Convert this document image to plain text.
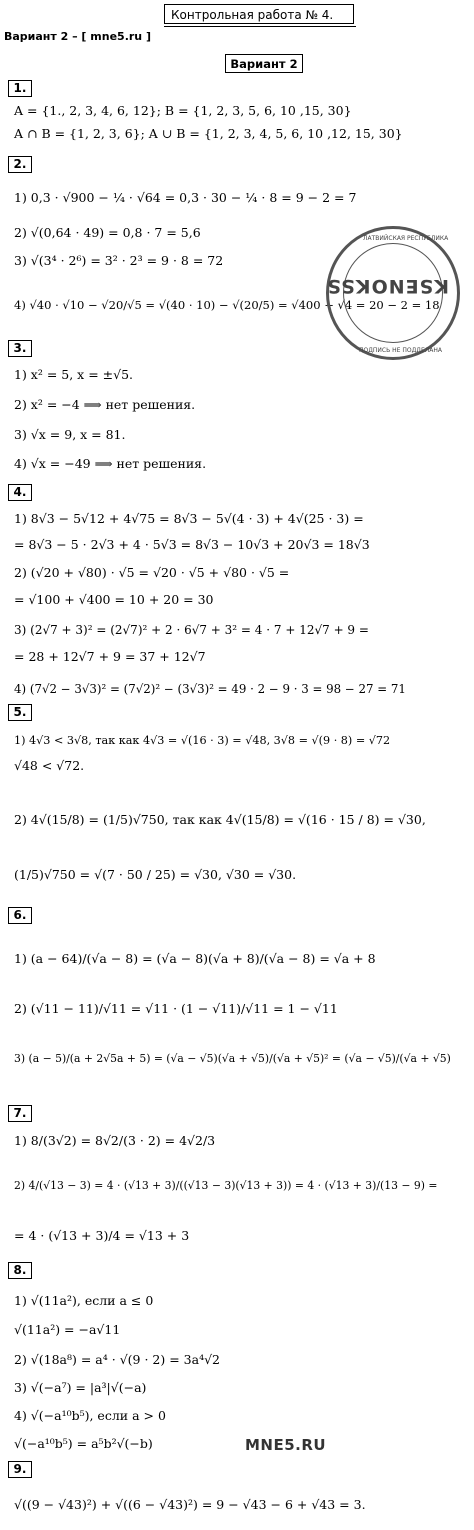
Контрольная работа № 4.
Вариант 2 – [ mne5.ru ]
Вариант 2
1.
A = {1., 2, 3, 4, 6, 12}; B = {1, 2, 3, 5, 6, 10 ,15, 30}
A ∩ B = {1, 2, 3, 6}; A ∪ B = {1, 2, 3, 4, 5, 6, 10 ,12, 15, 30}
2.
1) 0,3 · √900 − ¼ · √64 = 0,3 · 30 − ¼ · 8 = 9 − 2 = 7
2) √(0,64 · 49) = 0,8 · 7 = 5,6
3) √(3⁴ · 2⁶) = 3² · 2³ = 9 · 8 = 72
4) √40 · √10 − √20/√5 = √(40 · 10) − √(20/5) = √400 − √4 = 20 − 2 = 18
3.
1) x² = 5, x = ±√5.
2) x² = −4 ⟹ нет решения.
3) √x = 9, x = 81.
4) √x = −49 ⟹ нет решения.
4.
1) 8√3 − 5√12 + 4√75 = 8√3 − 5√(4 · 3) + 4√(25 · 3) =
= 8√3 − 5 · 2√3 + 4 · 5√3 = 8√3 − 10√3 + 20√3 = 18√3
2) (√20 + √80) · √5 = √20 · √5 + √80 · √5 =
= √100 + √400 = 10 + 20 = 30
3) (2√7 + 3)² = (2√7)² + 2 · 6√7 + 3² = 4 · 7 + 12√7 + 9 =
= 28 + 12√7 + 9 = 37 + 12√7
4) (7√2 − 3√3)² = (7√2)² − (3√3)² = 49 · 2 − 9 · 3 = 98 − 27 = 71
5.
1) 4√3 < 3√8, так как 4√3 = √(16 · 3) = √48, 3√8 = √(9 · 8) = √72
√48 < √72.
2) 4√(15/8) = (1/5)√750, так как 4√(15/8) = √(16 · 15 / 8) = √30,
(1/5)√750 = √(7 · 50 / 25) = √30, √30 = √30.
6.
1) (a − 64)/(√a − 8) = (√a − 8)(√a + 8)/(√a − 8) = √a + 8
2) (√11 − 11)/√11 = √11 · (1 − √11)/√11 = 1 − √11
3) (a − 5)/(a + 2√5a + 5) = (√a − √5)(√a + √5)/(√a + √5)² = (√a − √5)/(√a + √5)
7.
1) 8/(3√2) = 8√2/(3 · 2) = 4√2/3
2) 4/(√13 − 3) = 4 · (√13 + 3)/((√13 − 3)(√13 + 3)) = 4 · (√13 + 3)/(13 − 9) =
= 4 · (√13 + 3)/4 = √13 + 3
8.
1) √(11a²), если a ≤ 0
√(11a²) = −a√11
2) √(18a⁸) = a⁴ · √(9 · 2) = 3a⁴√2
3) √(−a⁷) = |a³|√(−a)
4) √(−a¹⁰b⁵), если a > 0
√(−a¹⁰b⁵) = a⁵b²√(−b)
9.
√((9 − √43)²) + √((6 − √43)²) = 9 − √43 − 6 + √43 = 3.
ЛАТВИЙСКАЯ РЕСПУБЛИКА
ПОДПИСЬ НЕ ПОДДЕЛАНА
KSENOKSS
MNE5.RU
